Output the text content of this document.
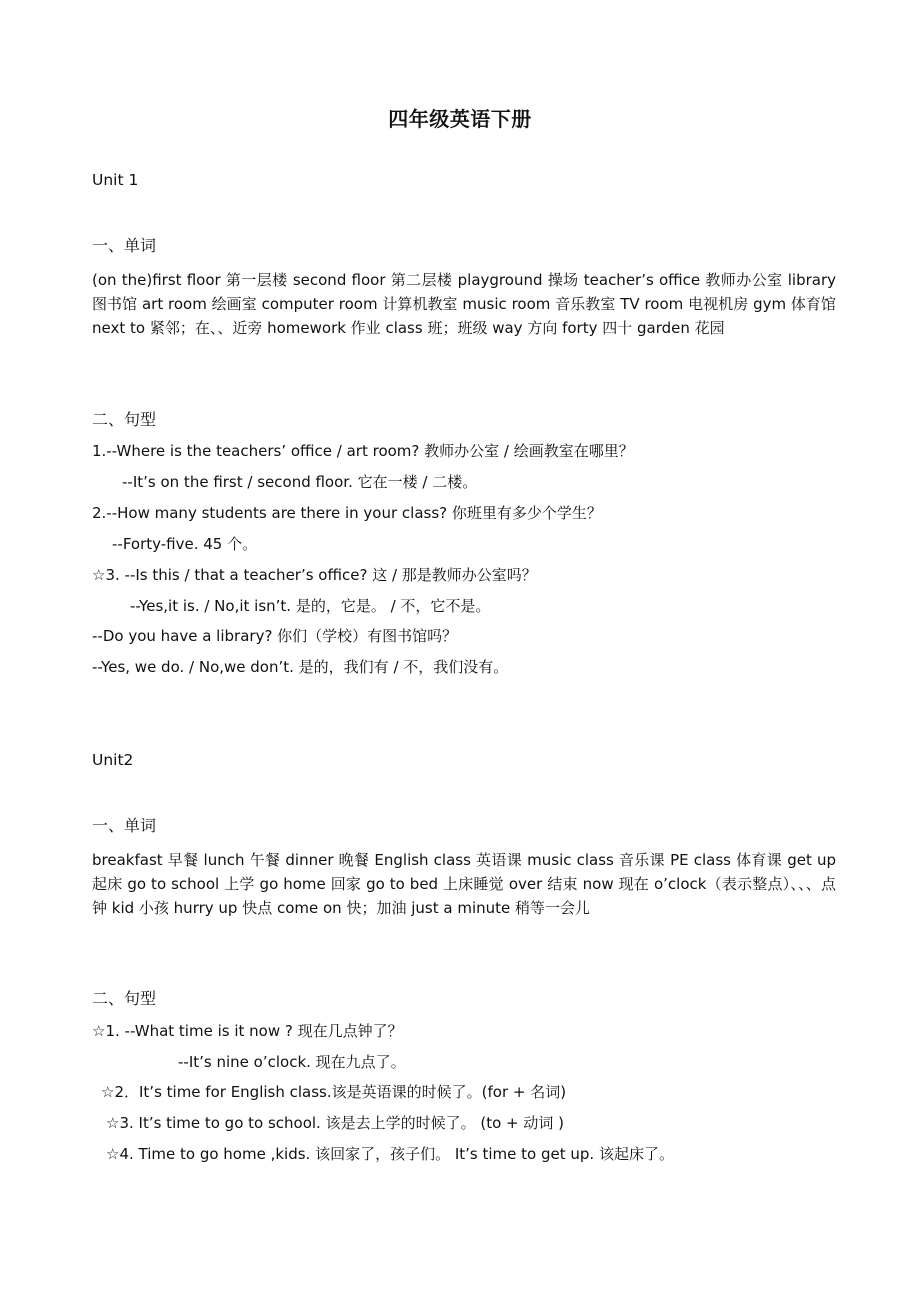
四年级英语下册
Unit 1
一、单词
(on the)first floor 第一层楼 second floor 第二层楼 playground 操场 teacher’s office 教师办公室 library 图书馆 art room 绘画室 computer room 计算机教室 music room 音乐教室 TV room 电视机房 gym 体育馆 next to 紧邻；在、、近旁 homework 作业 class 班；班级 way 方向 forty 四十 garden 花园
二、句型
1.--Where is the teachers’ office / art room? 教师办公室 / 绘画教室在哪里？
--It’s on the first / second floor. 它在一楼 / 二楼。
2.--How many students are there in your class? 你班里有多少个学生？
--Forty-five. 45 个。
☆3. --Is this / that a teacher’s office? 这 / 那是教师办公室吗？
--Yes,it is. / No,it isn’t. 是的，它是。 / 不，它不是。
--Do you have a library? 你们（学校）有图书馆吗？
--Yes, we do. / No,we don’t. 是的，我们有 / 不，我们没有。
Unit2
一、单词
breakfast 早餐 lunch 午餐 dinner 晚餐 English class 英语课 music class 音乐课 PE class 体育课 get up 起床 go to school 上学 go home 回家 go to bed 上床睡觉 over 结束 now 现在 o’clock（表示整点）、、、点钟 kid 小孩 hurry up 快点 come on 快；加油 just a minute 稍等一会儿
二、句型
☆1. --What time is it now ? 现在几点钟了？
--It’s nine o’clock. 现在九点了。
☆2．It’s time for English class.该是英语课的时候了。(for + 名词)
☆3. It’s time to go to school. 该是去上学的时候了。 (to + 动词 )
☆4. Time to go home ,kids. 该回家了，孩子们。 It’s time to get up. 该起床了。
